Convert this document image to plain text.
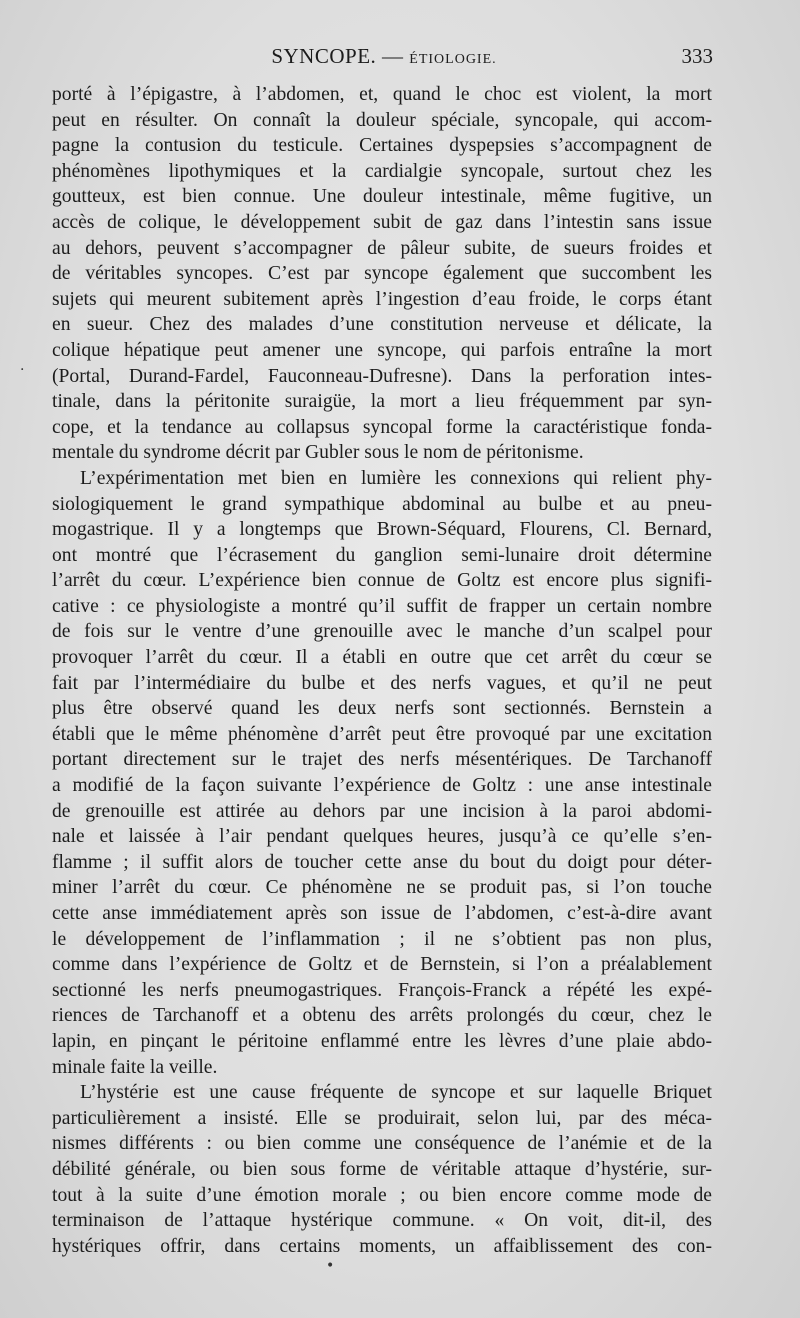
SYNCOPE. — ÉTIOLOGIE.	333

porté à l’épigastre, à l’abdomen, et, quand le choc est violent, la mort

peut en résulter. On connaît la douleur spéciale, syncopale, qui accom-

pagne la contusion du testicule. Certaines dyspepsies s’accompagnent de

phénomènes lipothymiques et la cardialgie syncopale, surtout chez les

goutteux, est bien connue. Une douleur intestinale, même fugitive, un

accès de colique, le développement subit de gaz dans l’intestin sans issue

au dehors, peuvent s’accompagner de pâleur subite, de sueurs froides et

de véritables syncopes. C’est par syncope également que succombent les

sujets qui meurent subitement après l’ingestion d’eau froide, le corps étant

en sueur. Chez des malades d’une constitution nerveuse et délicate, la

colique hépatique peut amener une syncope, qui parfois entraîne la mort

(Portal, Durand-Fardel, Fauconneau-Dufresne). Dans la perforation intes-

tinale, dans la péritonite suraigüe, la mort a lieu fréquemment par syn-

cope, et la tendance au collapsus syncopal forme la caractéristique fonda-

mentale du syndrome décrit par Gubler sous le nom de péritonisme.

L’expérimentation met bien en lumière les connexions qui relient phy-

siologiquement le grand sympathique abdominal au bulbe et au pneu-

mogastrique. Il y a longtemps que Brown-Séquard, Flourens, Cl. Bernard,

ont montré que l’écrasement du ganglion semi-lunaire droit détermine

l’arrêt du cœur. L’expérience bien connue de Goltz est encore plus signifi-

cative : ce physiologiste a montré qu’il suffit de frapper un certain nombre

de fois sur le ventre d’une grenouille avec le manche d’un scalpel pour

provoquer l’arrêt du cœur. Il a établi en outre que cet arrêt du cœur se

fait par l’intermédiaire du bulbe et des nerfs vagues, et qu’il ne peut

plus être observé quand les deux nerfs sont sectionnés. Bernstein a

établi que le même phénomène d’arrêt peut être provoqué par une excitation

portant directement sur le trajet des nerfs mésentériques. De Tarchanoff

a modifié de la façon suivante l’expérience de Goltz : une anse intestinale

de grenouille est attirée au dehors par une incision à la paroi abdomi-

nale et laissée à l’air pendant quelques heures, jusqu’à ce qu’elle s’en-

flamme ; il suffit alors de toucher cette anse du bout du doigt pour déter-

miner l’arrêt du cœur. Ce phénomène ne se produit pas, si l’on touche

cette anse immédiatement après son issue de l’abdomen, c’est-à-dire avant

le développement de l’inflammation ; il ne s’obtient pas non plus,

comme dans l’expérience de Goltz et de Bernstein, si l’on a préalablement

sectionné les nerfs pneumogastriques. François-Franck a répété les expé-

riences de Tarchanoff et a obtenu des arrêts prolongés du cœur, chez le

lapin, en pinçant le péritoine enflammé entre les lèvres d’une plaie abdo-

minale faite la veille.

L’hystérie est une cause fréquente de syncope et sur laquelle Briquet

particulièrement a insisté. Elle se produirait, selon lui, par des méca-

nismes différents : ou bien comme une conséquence de l’anémie et de la

débilité générale, ou bien sous forme de véritable attaque d’hystérie, sur-

tout à la suite d’une émotion morale ; ou bien encore comme mode de

terminaison de l’attaque hystérique commune. « On voit, dit-il, des

hystériques offrir, dans certains moments, un affaiblissement des con-

·
•
